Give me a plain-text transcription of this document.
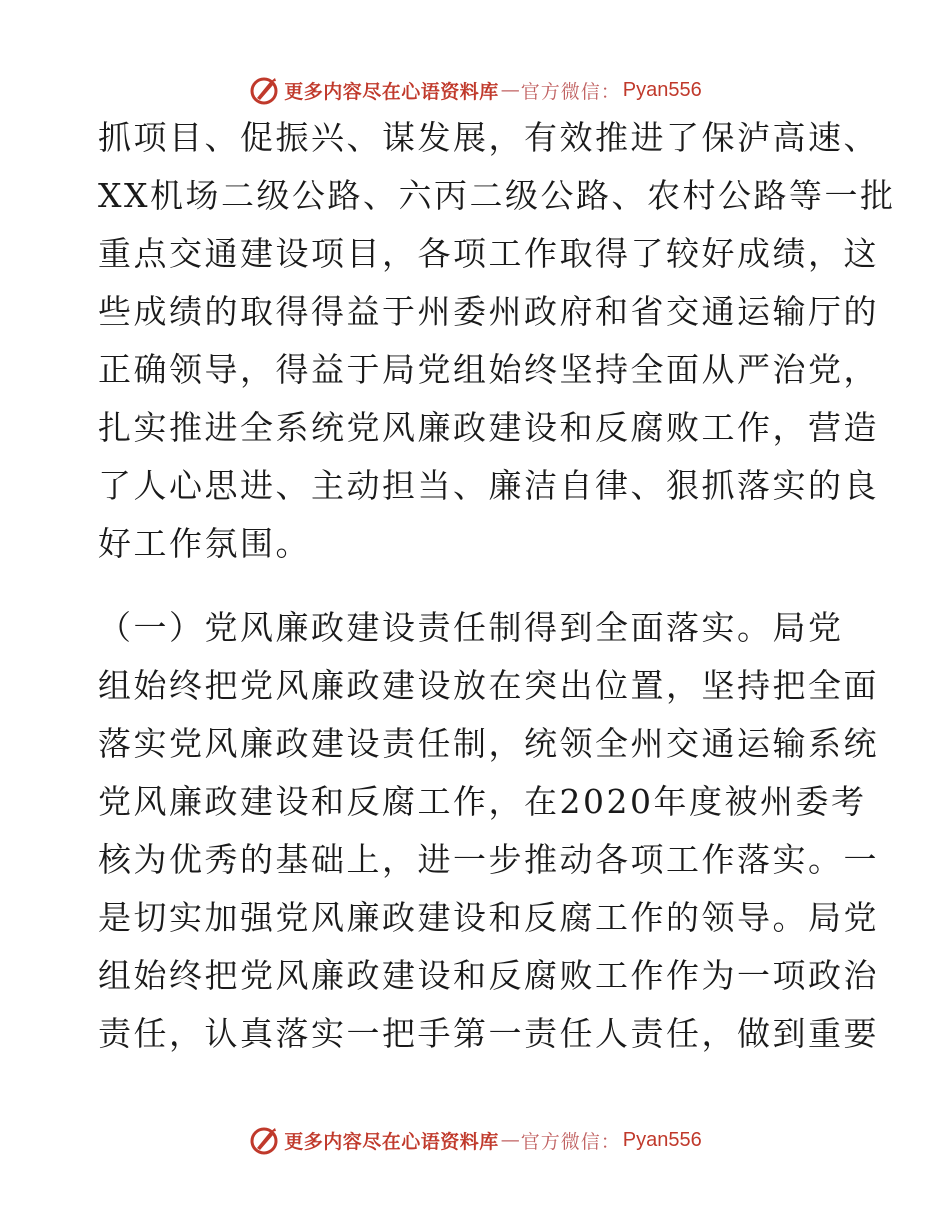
更多内容尽在心语资料库 — 官方微信： Pyan556
抓项目、促振兴、谋发展，有效推进了保泸高速、
XX机场二级公路、六丙二级公路、农村公路等一批
重点交通建设项目，各项工作取得了较好成绩，这
些成绩的取得得益于州委州政府和省交通运输厅的
正确领导，得益于局党组始终坚持全面从严治党，
扎实推进全系统党风廉政建设和反腐败工作，营造
了人心思进、主动担当、廉洁自律、狠抓落实的良
好工作氛围。
（一）党风廉政建设责任制得到全面落实。局党
组始终把党风廉政建设放在突出位置，坚持把全面
落实党风廉政建设责任制，统领全州交通运输系统
党风廉政建设和反腐工作，在2020年度被州委考
核为优秀的基础上，进一步推动各项工作落实。一
是切实加强党风廉政建设和反腐工作的领导。局党
组始终把党风廉政建设和反腐败工作作为一项政治
责任，认真落实一把手第一责任人责任，做到重要
更多内容尽在心语资料库 — 官方微信： Pyan556
